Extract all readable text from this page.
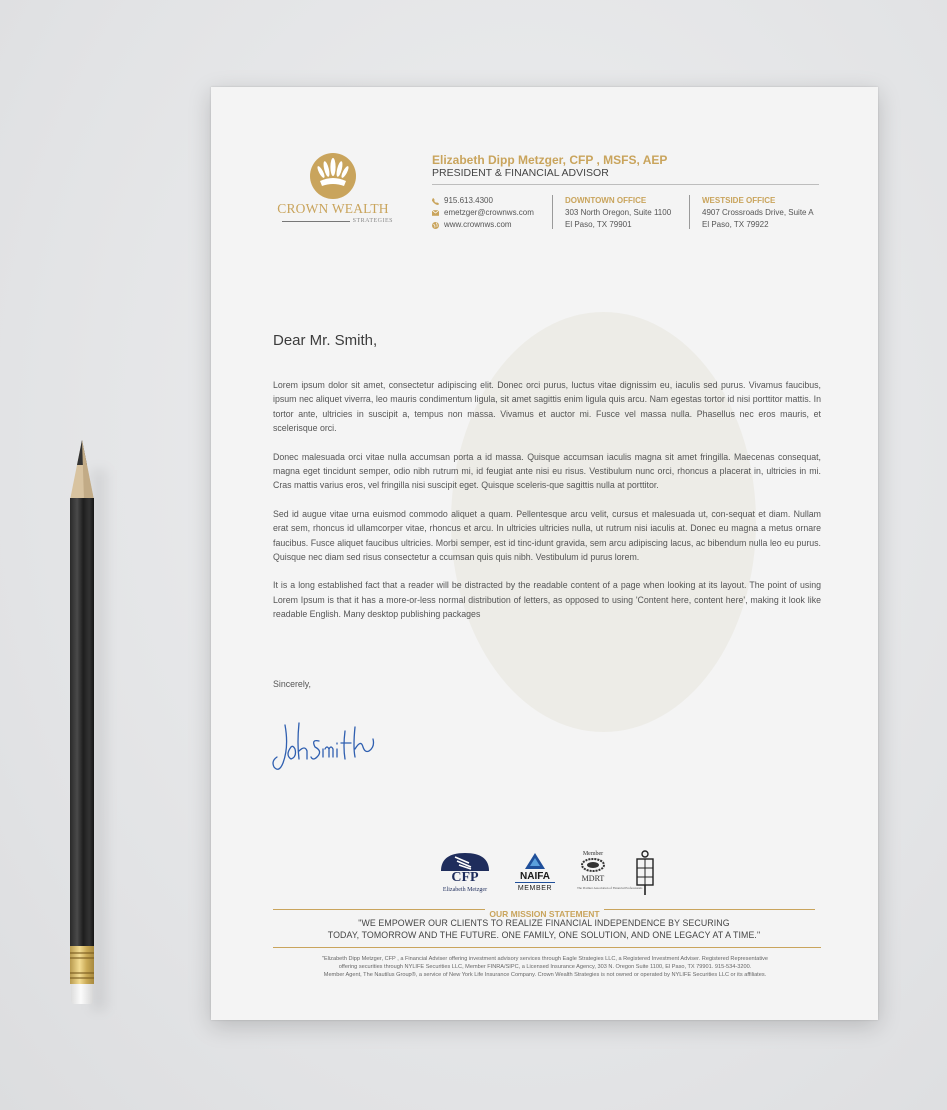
CROWN WEALTH
STRATEGIES
Elizabeth Dipp Metzger, CFP , MSFS, AEP
PRESIDENT & FINANCIAL ADVISOR
915.613.4300
emetzger@crownws.com
www.crownws.com
DOWNTOWN OFFICE
303 North Oregon, Suite 1100
El Paso, TX 79901
WESTSIDE OFFICE
4907 Crossroads Drive, Suite A
El Paso, TX 79922
Dear Mr. Smith,

Lorem ipsum dolor sit amet, consectetur adipiscing elit. Donec orci purus, luctus vitae dignissim eu, iaculis sed purus. Vivamus faucibus, ipsum nec aliquet viverra, leo mauris condimentum ligula, sit amet sagittis enim ligula quis arcu. Nam egestas tortor id nisi porttitor mattis. In tortor ante, ultricies in suscipit a, tempus non massa. Vivamus et auctor mi. Fusce vel massa nulla. Phasellus nec eros mauris, et scelerisque orci.

Donec malesuada orci vitae nulla accumsan porta a id massa. Quisque accumsan iaculis magna sit amet fringilla. Maecenas consequat, magna eget tincidunt semper, odio nibh rutrum mi, id feugiat ante nisi eu risus. Vestibulum nunc orci, rhoncus a placerat in, ultricies in mi. Cras mattis varius eros, vel fringilla nisi suscipit eget. Quisque sceleris-que sagittis nulla at porttitor.

Sed id augue vitae urna euismod commodo aliquet a quam. Pellentesque arcu velit, cursus et malesuada ut, con-sequat et diam. Nullam erat sem, rhoncus id ullamcorper vitae, rhoncus et arcu. In ultricies ultricies nulla, ut rutrum nisi iaculis at. Donec eu magna a metus ornare faucibus. Fusce aliquet faucibus ultricies. Morbi semper, est id tinc-idunt gravida, sem arcu adipiscing lacus, ac bibendum nulla leo eu purus. Quisque nec diam sed risus consectetur a ccumsan quis quis nibh. Vestibulum id purus lorem.

It is a long established fact that a reader will be distracted by the readable content of a page when looking at its layout. The point of using Lorem Ipsum is that it has a more-or-less normal distribution of letters, as opposed to using 'Content here, content here', making it look like readable English. Many desktop publishing packages

Sincerely,
CFP
Elizabeth Metzger
NAIFA
MEMBER
Member
MDRT
The Premier Association of Financial Professionals
OUR MISSION STATEMENT
"WE EMPOWER OUR CLIENTS TO REALIZE FINANCIAL INDEPENDENCE BY SECURING
TODAY, TOMORROW AND THE FUTURE. ONE FAMILY, ONE SOLUTION, AND ONE LEGACY AT A TIME."
"Elizabeth Dipp Metzger, CFP , a Financial Adviser offering investment advisory services through Eagle Strategies LLC, a Registered Investment Adviser. Registered Representative
offering securities through NYLIFE Securities LLC, Member FINRA/SIPC, a Licensed Insurance Agency, 303 N. Oregon Suite 1100, El Paso, TX 79901. 915-534-3200.
Member Agent, The Nautilus Group®, a service of New York Life Insurance Company. Crown Wealth Strategies is not owned or operated by NYLIFE Securities LLC or its affiliates.
